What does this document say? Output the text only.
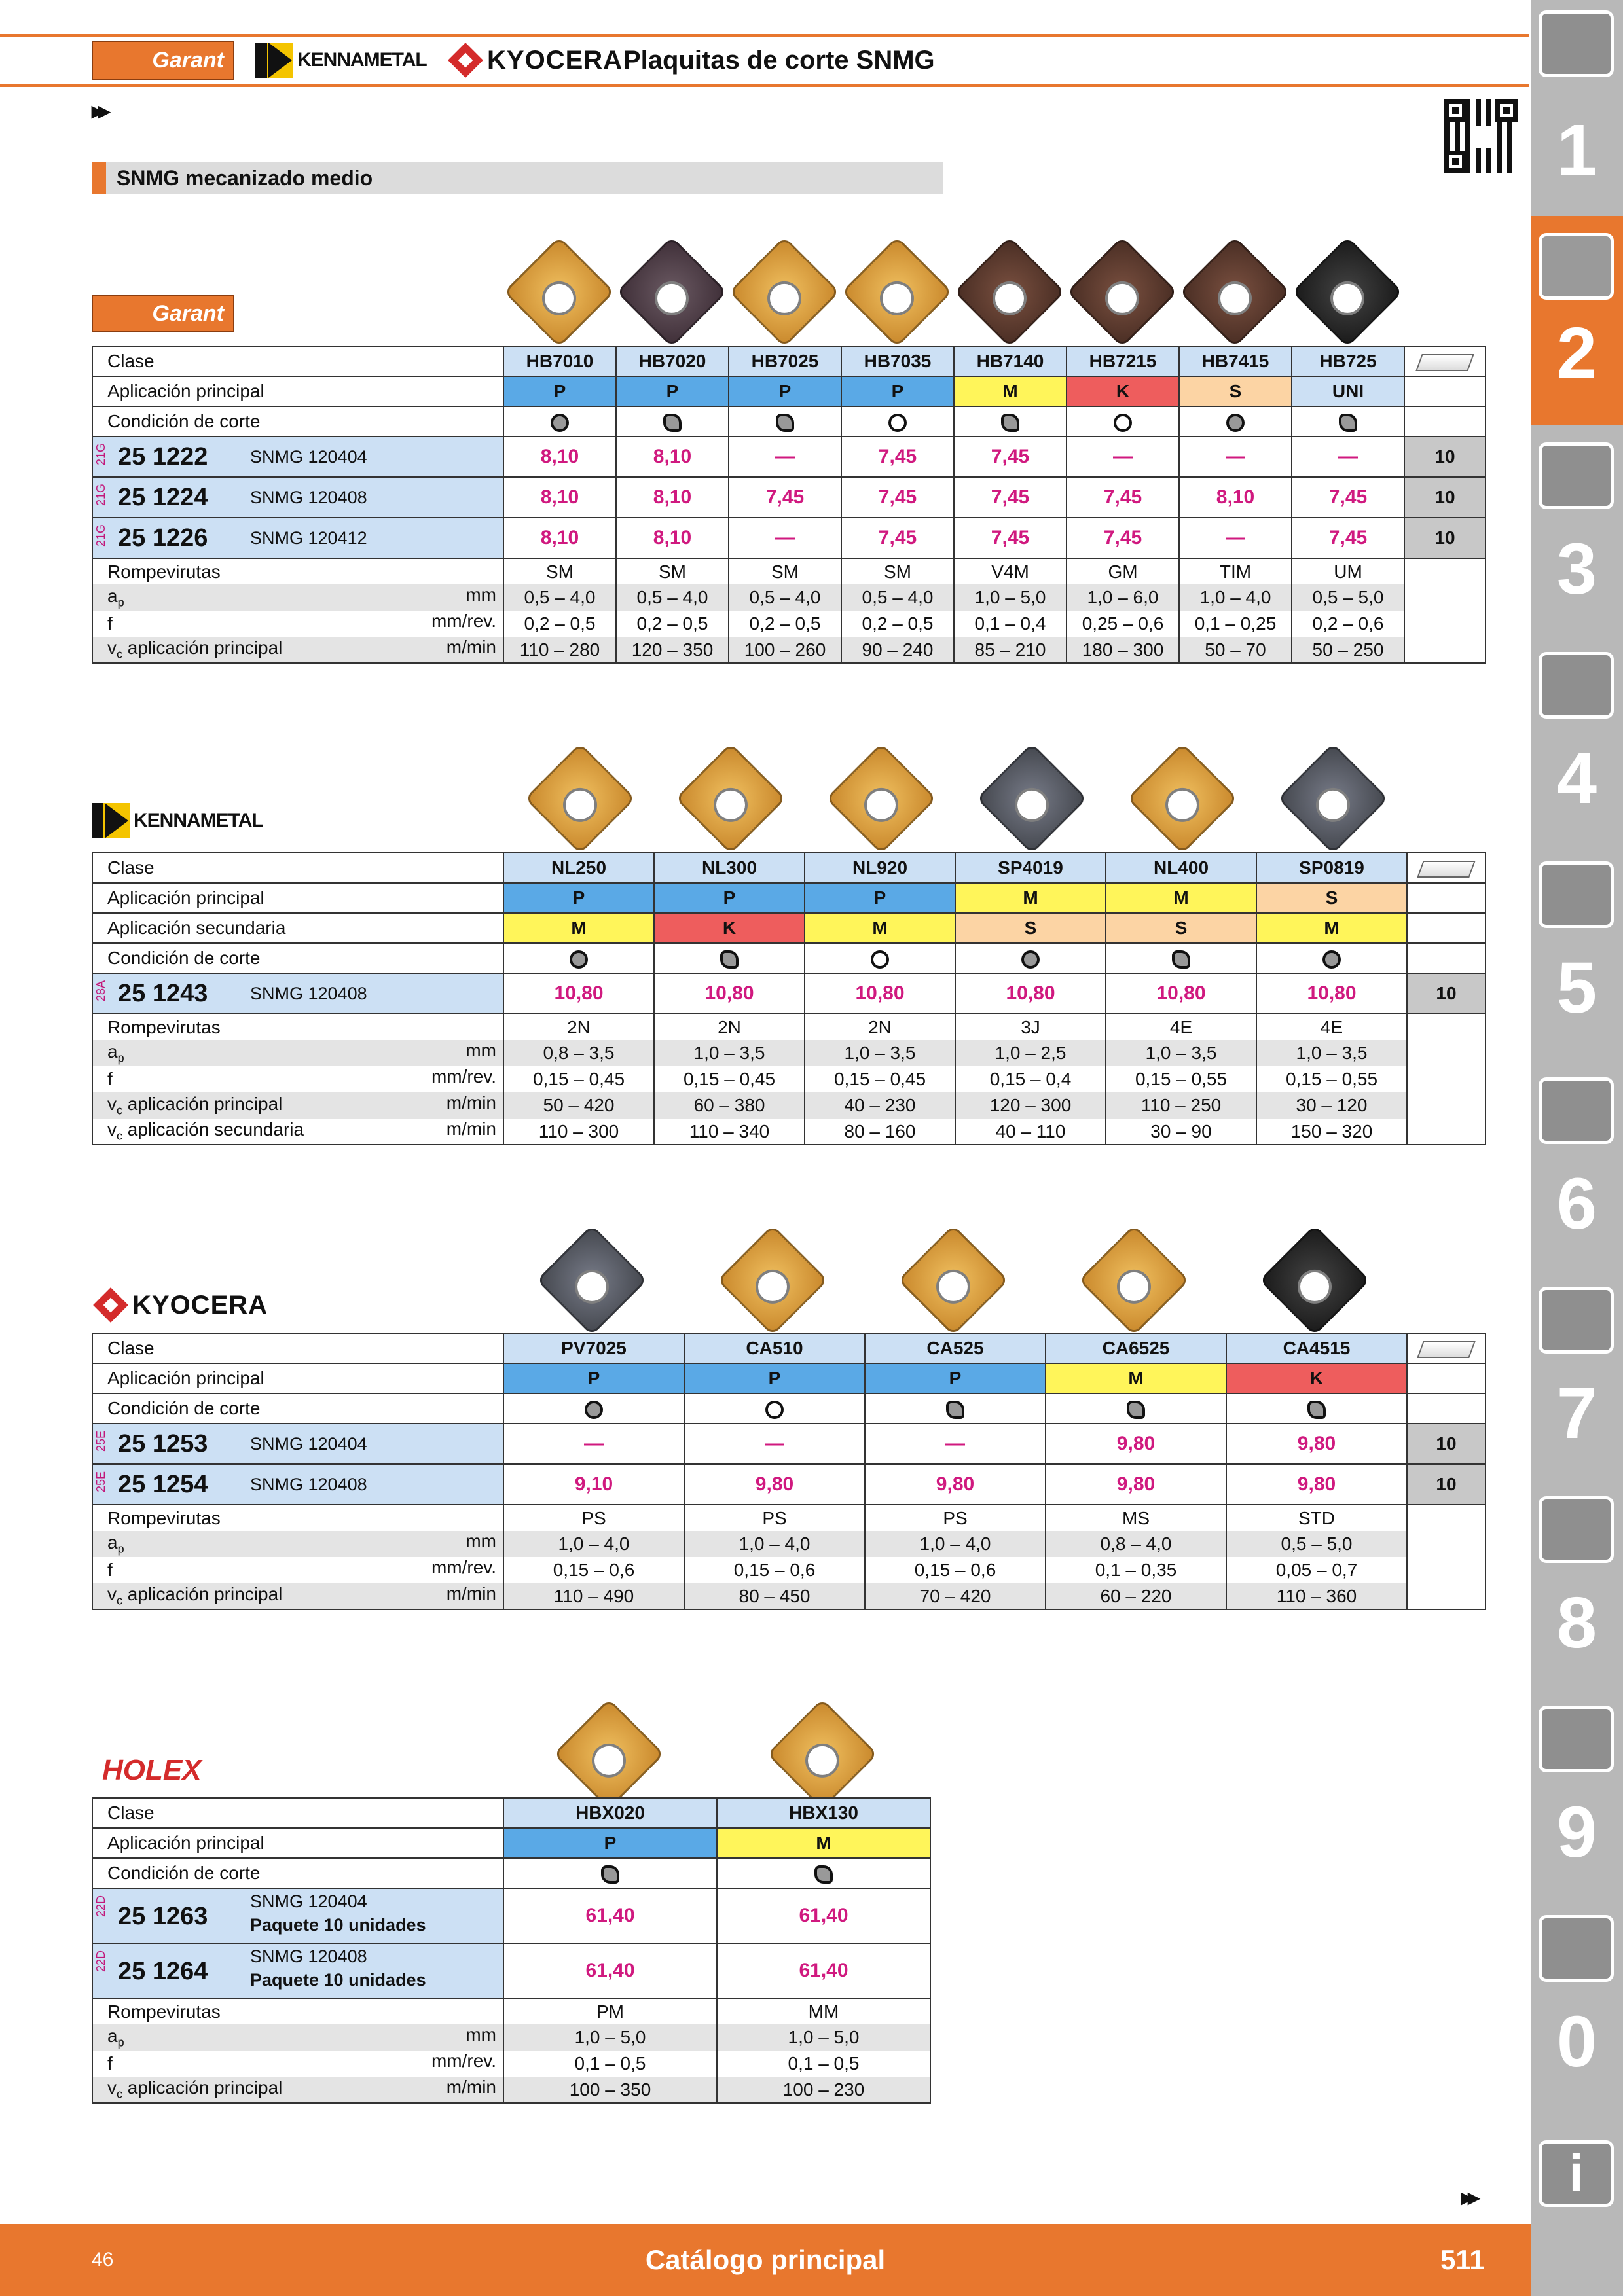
Garant	KENNAMETAL KYOCERA Plaquitas de corte SNMG
▸▸
SNMG mecanizado medio
Garant
Clase	HB7010	HB7020	HB7025	HB7035	HB7140	HB7215	HB7415	HB725	
Aplicación principal	P	P	P	P	M	K	S	UNI	
Condición de corte									

21G 25 1222 SNMG 120404	8,10	8,10	—	7,45	7,45	—	—	—	10

21G 25 1224 SNMG 120408	8,10	8,10	7,45	7,45	7,45	7,45	8,10	7,45	10

21G 25 1226 SNMG 120412	8,10	8,10	—	7,45	7,45	7,45	—	7,45	10
Rompevirutas	SM	SM	SM	SM	V4M	GM	TIM	UM	
$a_p$ mm	0,5 – 4,0	0,5 – 4,0	0,5 – 4,0	0,5 – 4,0	1,0 – 5,0	1,0 – 6,0	1,0 – 4,0	0,5 – 5,0	
f mm/rev.	0,2 – 0,5	0,2 – 0,5	0,2 – 0,5	0,2 – 0,5	0,1 – 0,4	0,25 – 0,6	0,1 – 0,25	0,2 – 0,6	
$v_c$ aplicación principal m/min	110 – 280	120 – 350	100 – 260	90 – 240	85 – 210	180 – 300	50 – 70	50 – 250	
KENNAMETAL
Clase	NL250	NL300	NL920	SP4019	NL400	SP0819	
Aplicación principal	P	P	P	M	M	S	
Aplicación secundaria	M	K	M	S	S	M	
Condición de corte							

28A 25 1243 SNMG 120408	10,80	10,80	10,80	10,80	10,80	10,80	10
Rompevirutas	2N	2N	2N	3J	4E	4E	
$a_p$ mm	0,8 – 3,5	1,0 – 3,5	1,0 – 3,5	1,0 – 2,5	1,0 – 3,5	1,0 – 3,5	
f mm/rev.	0,15 – 0,45	0,15 – 0,45	0,15 – 0,45	0,15 – 0,4	0,15 – 0,55	0,15 – 0,55	
$v_c$ aplicación principal m/min	50 – 420	60 – 380	40 – 230	120 – 300	110 – 250	30 – 120	
$v_c$ aplicación secundaria m/min	110 – 300	110 – 340	80 – 160	40 – 110	30 – 90	150 – 320	
KYOCERA
Clase	PV7025	CA510	CA525	CA6525	CA4515	
Aplicación principal	P	P	P	M	K	
Condición de corte						

25E 25 1253 SNMG 120404	—	—	—	9,80	9,80	10

25E 25 1254 SNMG 120408	9,10	9,80	9,80	9,80	9,80	10
Rompevirutas	PS	PS	PS	MS	STD	
$a_p$ mm	1,0 – 4,0	1,0 – 4,0	1,0 – 4,0	0,8 – 4,0	0,5 – 5,0	
f mm/rev.	0,15 – 0,6	0,15 – 0,6	0,15 – 0,6	0,1 – 0,35	0,05 – 0,7	
$v_c$ aplicación principal m/min	110 – 490	80 – 450	70 – 420	60 – 220	110 – 360	
HOLEX
Clase	HBX020	HBX130
Aplicación principal	P	M
Condición de corte		

22D 25 1263
SNMG 120404
Paquete 10 unidades	61,40	61,40

22D 25 1264
SNMG 120408
Paquete 10 unidades	61,40	61,40
Rompevirutas	PM	MM
$a_p$ mm	1,0 – 5,0	1,0 – 5,0
f mm/rev.	0,1 – 0,5	0,1 – 0,5
$v_c$ aplicación principal m/min	100 – 350	100 – 230
▸▸
1
2
3
4
5
6
7
8
9
0
i
46	Catálogo principal	511
